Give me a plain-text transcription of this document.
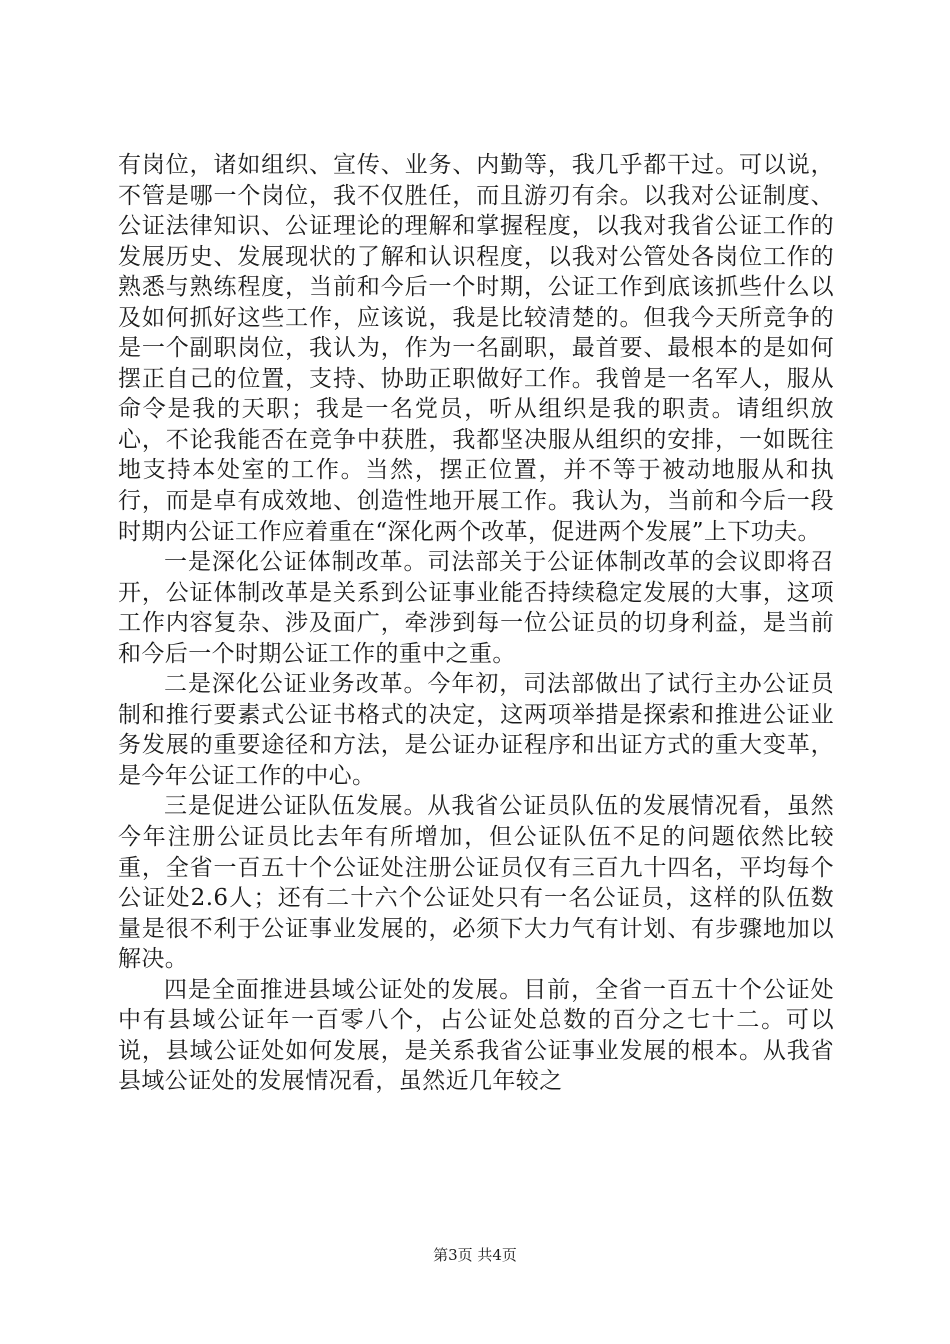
有岗位，诸如组织、宣传、业务、内勤等，我几乎都干过。可以说，不管是哪一个岗位，我不仅胜任，而且游刃有余。以我对公证制度、公证法律知识、公证理论的理解和掌握程度，以我对我省公证工作的发展历史、发展现状的了解和认识程度，以我对公管处各岗位工作的熟悉与熟练程度，当前和今后一个时期，公证工作到底该抓些什么以及如何抓好这些工作，应该说，我是比较清楚的。但我今天所竞争的是一个副职岗位，我认为，作为一名副职，最首要、最根本的是如何摆正自己的位置，支持、协助正职做好工作。我曾是一名军人，服从命令是我的天职；我是一名党员，听从组织是我的职责。请组织放心，不论我能否在竞争中获胜，我都坚决服从组织的安排，一如既往地支持本处室的工作。当然，摆正位置，并不等于被动地服从和执行，而是卓有成效地、创造性地开展工作。我认为，当前和今后一段时期内公证工作应着重在“深化两个改革，促进两个发展”上下功夫。

一是深化公证体制改革。司法部关于公证体制改革的会议即将召开，公证体制改革是关系到公证事业能否持续稳定发展的大事，这项工作内容复杂、涉及面广，牵涉到每一位公证员的切身利益，是当前和今后一个时期公证工作的重中之重。

二是深化公证业务改革。今年初，司法部做出了试行主办公证员制和推行要素式公证书格式的决定，这两项举措是探索和推进公证业务发展的重要途径和方法，是公证办证程序和出证方式的重大变革，是今年公证工作的中心。

三是促进公证队伍发展。从我省公证员队伍的发展情况看，虽然今年注册公证员比去年有所增加，但公证队伍不足的问题依然比较重，全省一百五十个公证处注册公证员仅有三百九十四名，平均每个公证处2.6人；还有二十六个公证处只有一名公证员，这样的队伍数量是很不利于公证事业发展的，必须下大力气有计划、有步骤地加以解决。

四是全面推进县域公证处的发展。目前，全省一百五十个公证处中有县域公证年一百零八个，占公证处总数的百分之七十二。可以说，县域公证处如何发展，是关系我省公证事业发展的根本。从我省县域公证处的发展情况看，虽然近几年较之

第3页 共4页
